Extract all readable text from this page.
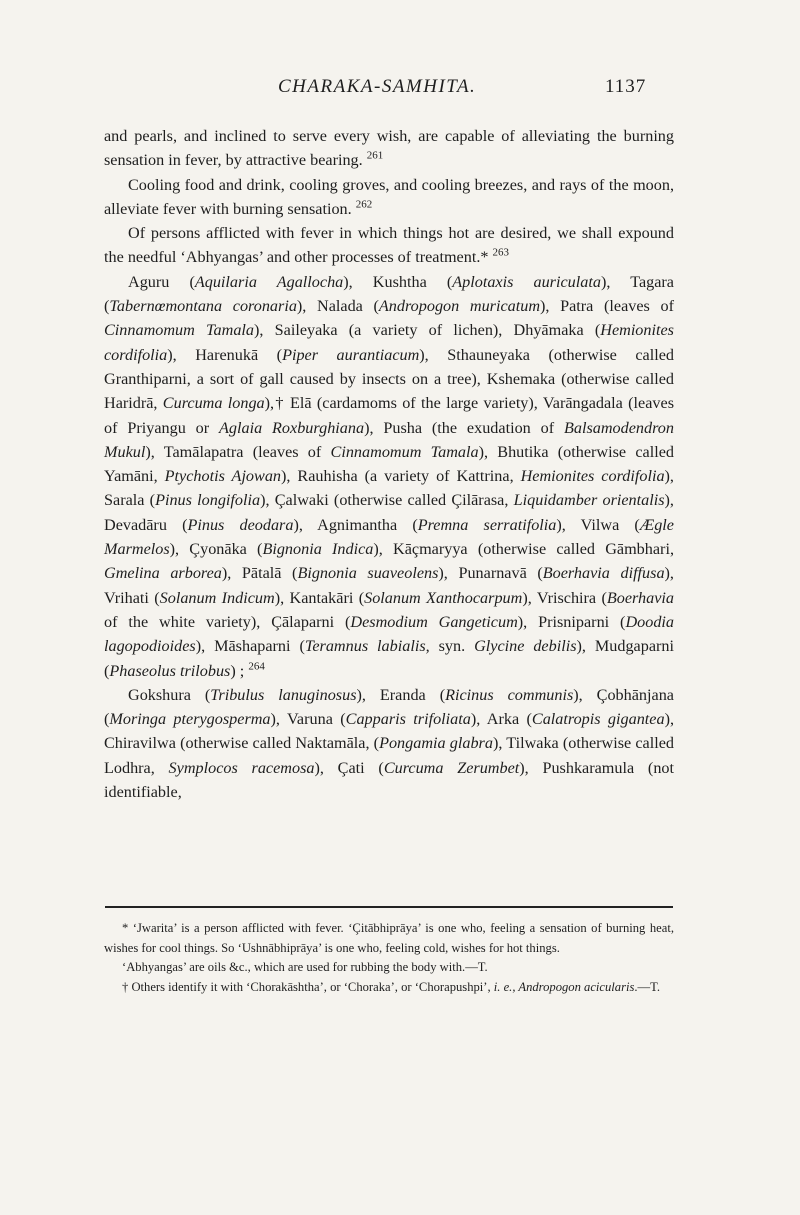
CHARAKA-SAMHITA.	1137

and pearls, and inclined to serve every wish, are capable of alleviating the burning sensation in fever, by attractive bearing. $^{261}$

Cooling food and drink, cooling groves, and cooling breezes, and rays of the moon, alleviate fever with burning sensation. $^{262}$

Of persons afflicted with fever in which things hot are desired, we shall expound the needful ‘Abhyangas’ and other processes of treatment.* $^{263}$

Aguru (Aquilaria Agallocha), Kushtha (Aplotaxis auriculata), Tagara (Tabernœmontana coronaria), Nalada (Andropogon muricatum), Patra (leaves of Cinnamomum Tamala), Saileyaka (a variety of lichen), Dhyāmaka (Hemionites cordifolia), Harenukā (Piper aurantiacum), Sthauneyaka (otherwise called Granthiparni, a sort of gall caused by insects on a tree), Kshemaka (otherwise called Haridrā, Curcuma longa),† Elā (cardamoms of the large variety), Varāngadala (leaves of Priyangu or Aglaia Roxburghiana), Pusha (the exudation of Balsamodendron Mukul), Tamālapatra (leaves of Cinnamomum Tamala), Bhutika (otherwise called Yamāni, Ptychotis Ajowan), Rauhisha (a variety of Kattrina, Hemionites cordifolia), Sarala (Pinus longifolia), Çalwaki (otherwise called Çilārasa, Liquidamber orientalis), Devadāru (Pinus deodara), Agnimantha (Premna serratifolia), Vilwa (Ægle Marmelos), Çyonāka (Bignonia Indica), Kāçmaryya (otherwise called Gāmbhari, Gmelina arborea), Pātalā (Bignonia suaveolens), Punarnavā (Boerhavia diffusa), Vrihati (Solanum Indicum), Kantakāri (Solanum Xanthocarpum), Vrischira (Boerhavia of the white variety), Çālaparni (Desmodium Gangeticum), Prisniparni (Doodia lagopodioides), Māshaparni (Teramnus labialis, syn. Glycine debilis), Mudgaparni (Phaseolus trilobus) ; $^{264}$

Gokshura (Tribulus lanuginosus), Eranda (Ricinus communis), Çobhānjana (Moringa pterygosperma), Varuna (Capparis trifoliata), Arka (Calatropis gigantea), Chiravilwa (otherwise called Naktamāla, (Pongamia glabra), Tilwaka (otherwise called Lodhra, Symplocos racemosa), Çati (Curcuma Zerumbet), Pushkaramula (not identifiable,

* ‘Jwarita’ is a person afflicted with fever. ‘Çitābhiprāya’ is one who, feeling a sensation of burning heat, wishes for cool things. So ‘Ushnābhiprāya’ is one who, feeling cold, wishes for hot things.

‘Abhyangas’ are oils &c., which are used for rubbing the body with.—T.

† Others identify it with ‘Chorakāshtha’, or ‘Choraka’, or ‘Chorapushpi’, i. e., Andropogon acicularis.—T.
